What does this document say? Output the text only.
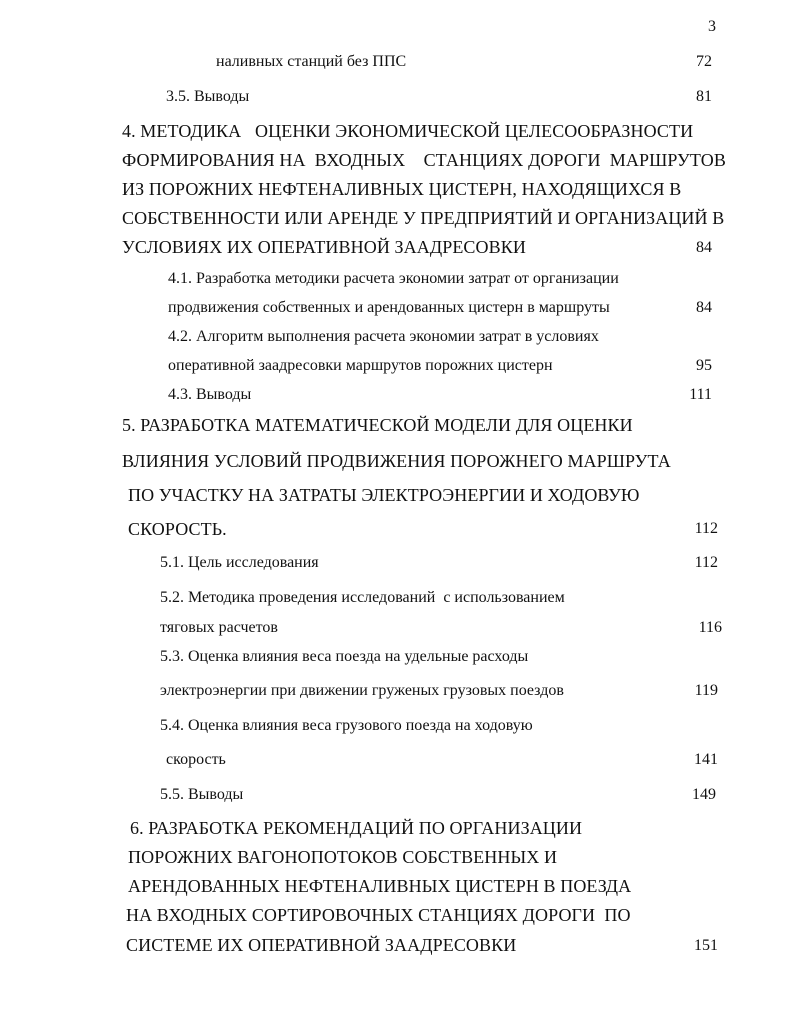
3
наливных станций без ППС	72
3.5. Выводы	81
4. МЕТОДИКА   ОЦЕНКИ ЭКОНОМИЧЕСКОЙ ЦЕЛЕСООБРАЗНОСТИ
ФОРМИРОВАНИЯ НА  ВХОДНЫХ    СТАНЦИЯХ ДОРОГИ  МАРШРУТОВ
ИЗ ПОРОЖНИХ НЕФТЕНАЛИВНЫХ ЦИСТЕРН, НАХОДЯЩИХСЯ В
СОБСТВЕННОСТИ ИЛИ АРЕНДЕ У ПРЕДПРИЯТИЙ И ОРГАНИЗАЦИЙ В
УСЛОВИЯХ ИХ ОПЕРАТИВНОЙ ЗААДРЕСОВКИ	84
4.1. Разработка методики расчета экономии затрат от организации
продвижения собственных и арендованных цистерн в маршруты	84
4.2. Алгоритм выполнения расчета экономии затрат в условиях
оперативной заадресовки маршрутов порожних цистерн	95
4.3. Выводы	111
5. РАЗРАБОТКА МАТЕМАТИЧЕСКОЙ МОДЕЛИ ДЛЯ ОЦЕНКИ
ВЛИЯНИЯ УСЛОВИЙ ПРОДВИЖЕНИЯ ПОРОЖНЕГО МАРШРУТА
ПО УЧАСТКУ НА ЗАТРАТЫ ЭЛЕКТРОЭНЕРГИИ И ХОДОВУЮ
СКОРОСТЬ.	112
5.1. Цель исследования	112
5.2. Методика проведения исследований  с использованием
тяговых расчетов	116
5.3. Оценка влияния веса поезда на удельные расходы
электроэнергии при движении груженых грузовых поездов	119
5.4. Оценка влияния веса грузового поезда на ходовую
скорость	141
5.5. Выводы	149
6. РАЗРАБОТКА РЕКОМЕНДАЦИЙ ПО ОРГАНИЗАЦИИ
ПОРОЖНИХ ВАГОНОПОТОКОВ СОБСТВЕННЫХ И
АРЕНДОВАННЫХ НЕФТЕНАЛИВНЫХ ЦИСТЕРН В ПОЕЗДА
НА ВХОДНЫХ СОРТИРОВОЧНЫХ СТАНЦИЯХ ДОРОГИ  ПО
СИСТЕМЕ ИХ ОПЕРАТИВНОЙ ЗААДРЕСОВКИ	151
